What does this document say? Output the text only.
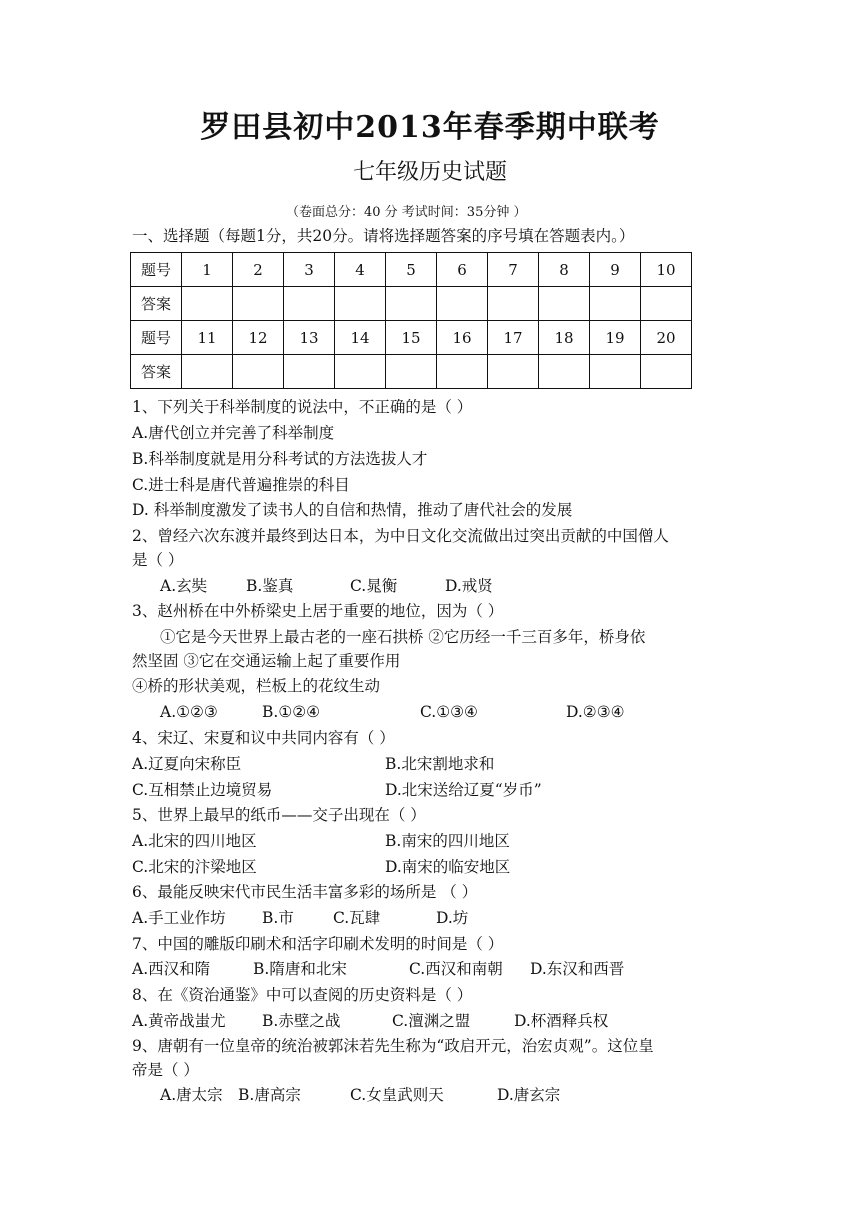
罗田县初中2013年春季期中联考
七年级历史试题
（卷面总分：40 分 考试时间：35分钟 ）
一、选择题（每题1分，共20分。请将选择题答案的序号填在答题表内。）
题号	1	2	3	4	5	6	7	8	9	10
答案										
题号	11	12	13	14	15	16	17	18	19	20
答案										
1、下列关于科举制度的说法中，不正确的是（ ）
A.唐代创立并完善了科举制度
B.科举制度就是用分科考试的方法选拔人才
C.进士科是唐代普遍推崇的科目
D. 科举制度激发了读书人的自信和热情，推动了唐代社会的发展
2、曾经六次东渡并最终到达日本，为中日文化交流做出过突出贡献的中国僧人
是（ ）
A.玄奘	B.鉴真	C.晁衡	D.戒贤
3、赵州桥在中外桥梁史上居于重要的地位，因为（ ）
①它是今天世界上最古老的一座石拱桥 ②它历经一千三百多年，桥身依
然坚固 ③它在交通运输上起了重要作用
④桥的形状美观，栏板上的花纹生动
A.①②③	B.①②④	C.①③④	D.②③④
4、宋辽、宋夏和议中共同内容有（ ）
A.辽夏向宋称臣	B.北宋割地求和
C.互相禁止边境贸易	D.北宋送给辽夏“岁币”
5、世界上最早的纸币——交子出现在（ ）
A.北宋的四川地区	B.南宋的四川地区
C.北宋的汴梁地区	D.南宋的临安地区
6、最能反映宋代市民生活丰富多彩的场所是 （ ）
A.手工业作坊 B.市	C.瓦肆	D.坊
7、中国的雕版印刷术和活字印刷术发明的时间是（ ）
A.西汉和隋	B.隋唐和北宋	C.西汉和南朝 D.东汉和西晋
8、在《资治通鉴》中可以查阅的历史资料是（ ）
A.黄帝战蚩尤 B.赤壁之战	C.澶渊之盟	D.杯酒释兵权
9、唐朝有一位皇帝的统治被郭沫若先生称为“政启开元，治宏贞观”。这位皇
帝是（ ）
A.唐太宗 B.唐高宗	C.女皇武则天	D.唐玄宗
